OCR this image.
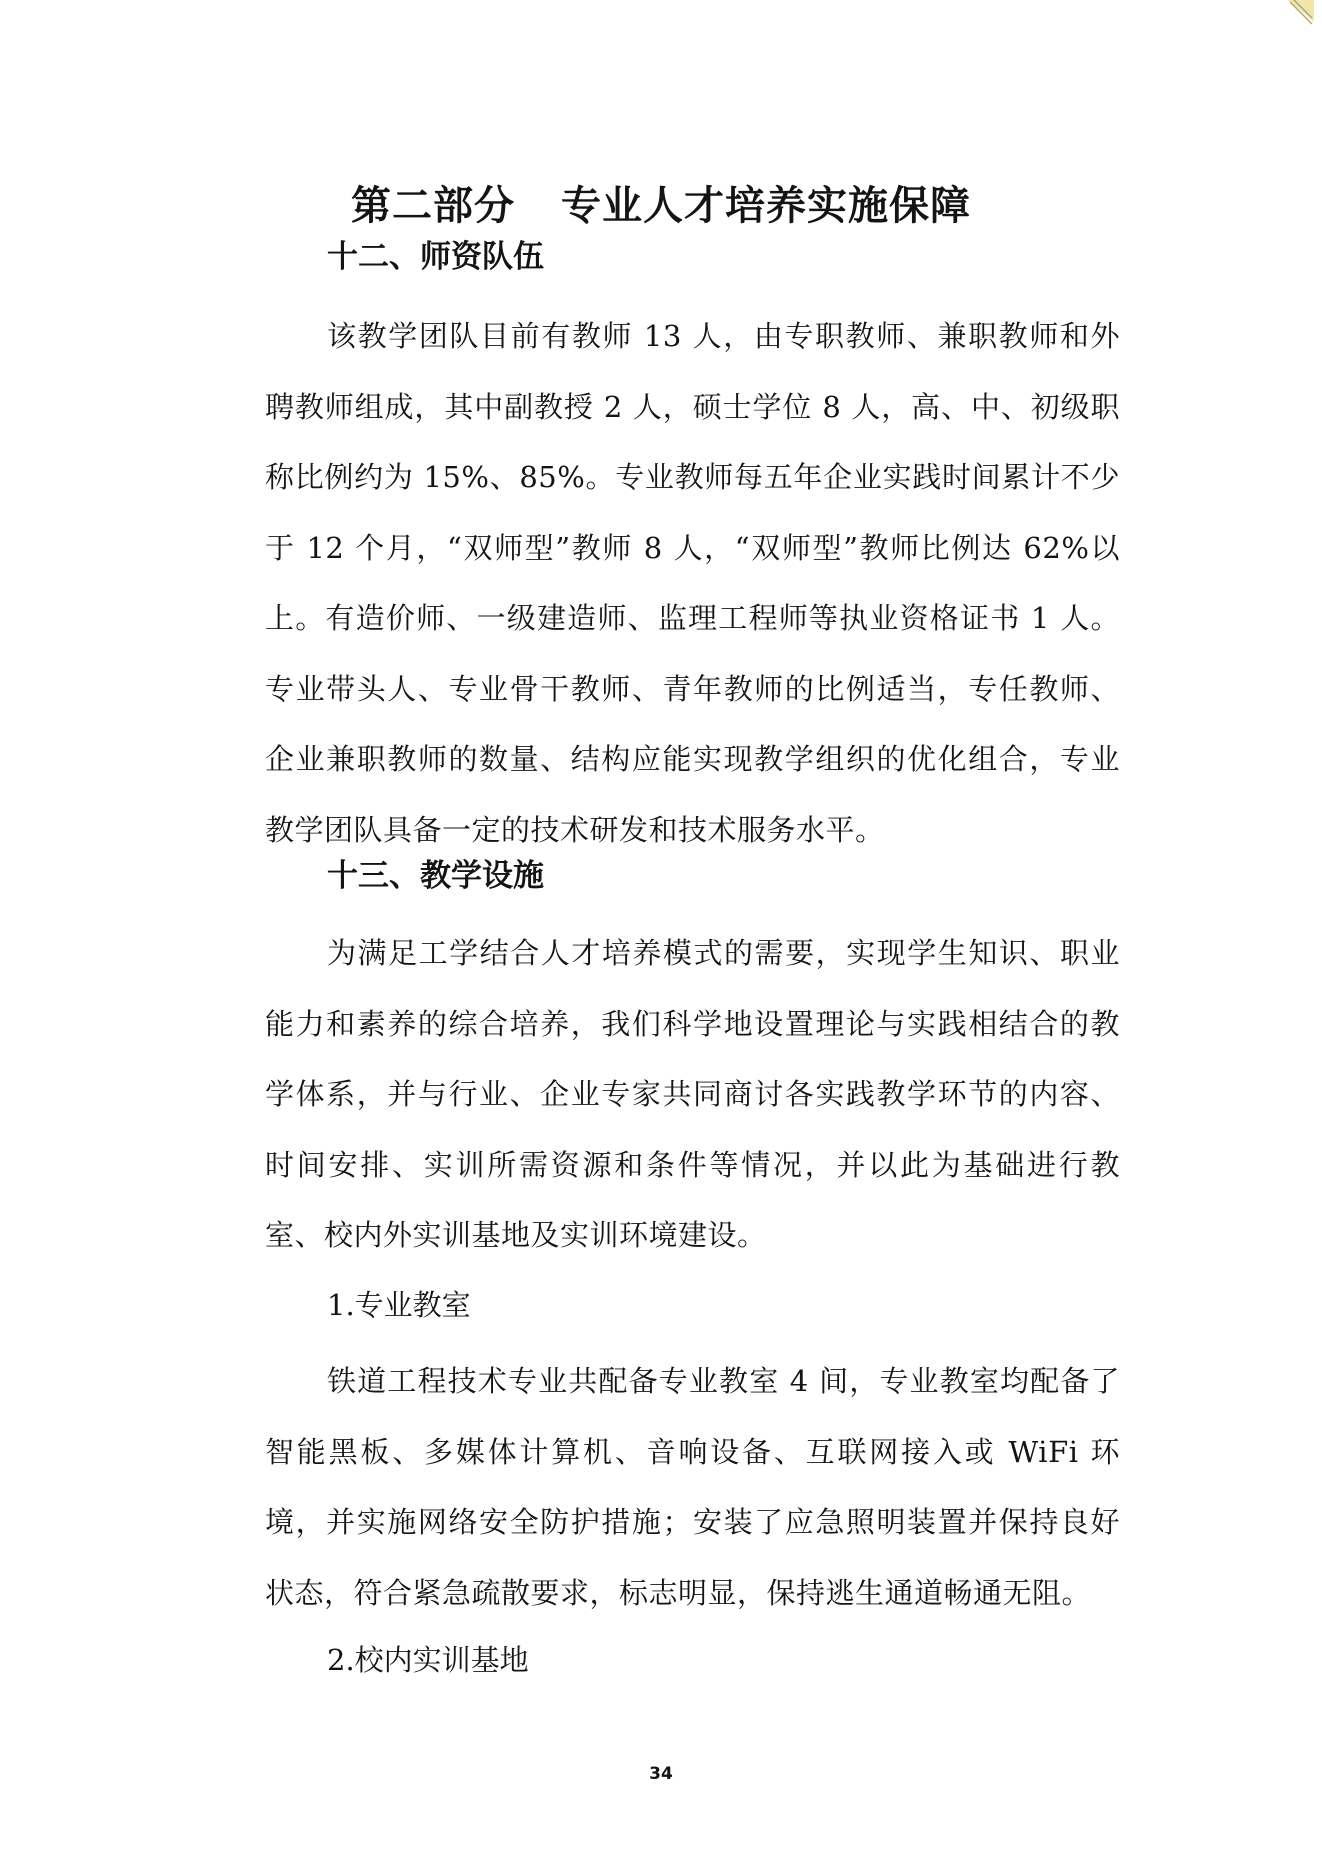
第二部分 专业人才培养实施保障
十二、师资队伍

该教学团队目前有教师 13 人，由专职教师、兼职教师和外聘教师组成，其中副教授 2 人，硕士学位 8 人，高、中、初级职称比例约为 15%、85%。专业教师每五年企业实践时间累计不少于 12 个月，“双师型”教师 8 人，“双师型”教师比例达 62%以上。有造价师、一级建造师、监理工程师等执业资格证书 1 人。专业带头人、专业骨干教师、青年教师的比例适当，专任教师、企业兼职教师的数量、结构应能实现教学组织的优化组合，专业教学团队具备一定的技术研发和技术服务水平。

十三、教学设施

为满足工学结合人才培养模式的需要，实现学生知识、职业能力和素养的综合培养，我们科学地设置理论与实践相结合的教学体系，并与行业、企业专家共同商讨各实践教学环节的内容、时间安排、实训所需资源和条件等情况，并以此为基础进行教室、校内外实训基地及实训环境建设。

1.专业教室

铁道工程技术专业共配备专业教室 4 间，专业教室均配备了智能黑板、多媒体计算机、音响设备、互联网接入或 WiFi 环境，并实施网络安全防护措施；安装了应急照明装置并保持良好状态，符合紧急疏散要求，标志明显，保持逃生通道畅通无阻。

2.校内实训基地
34
